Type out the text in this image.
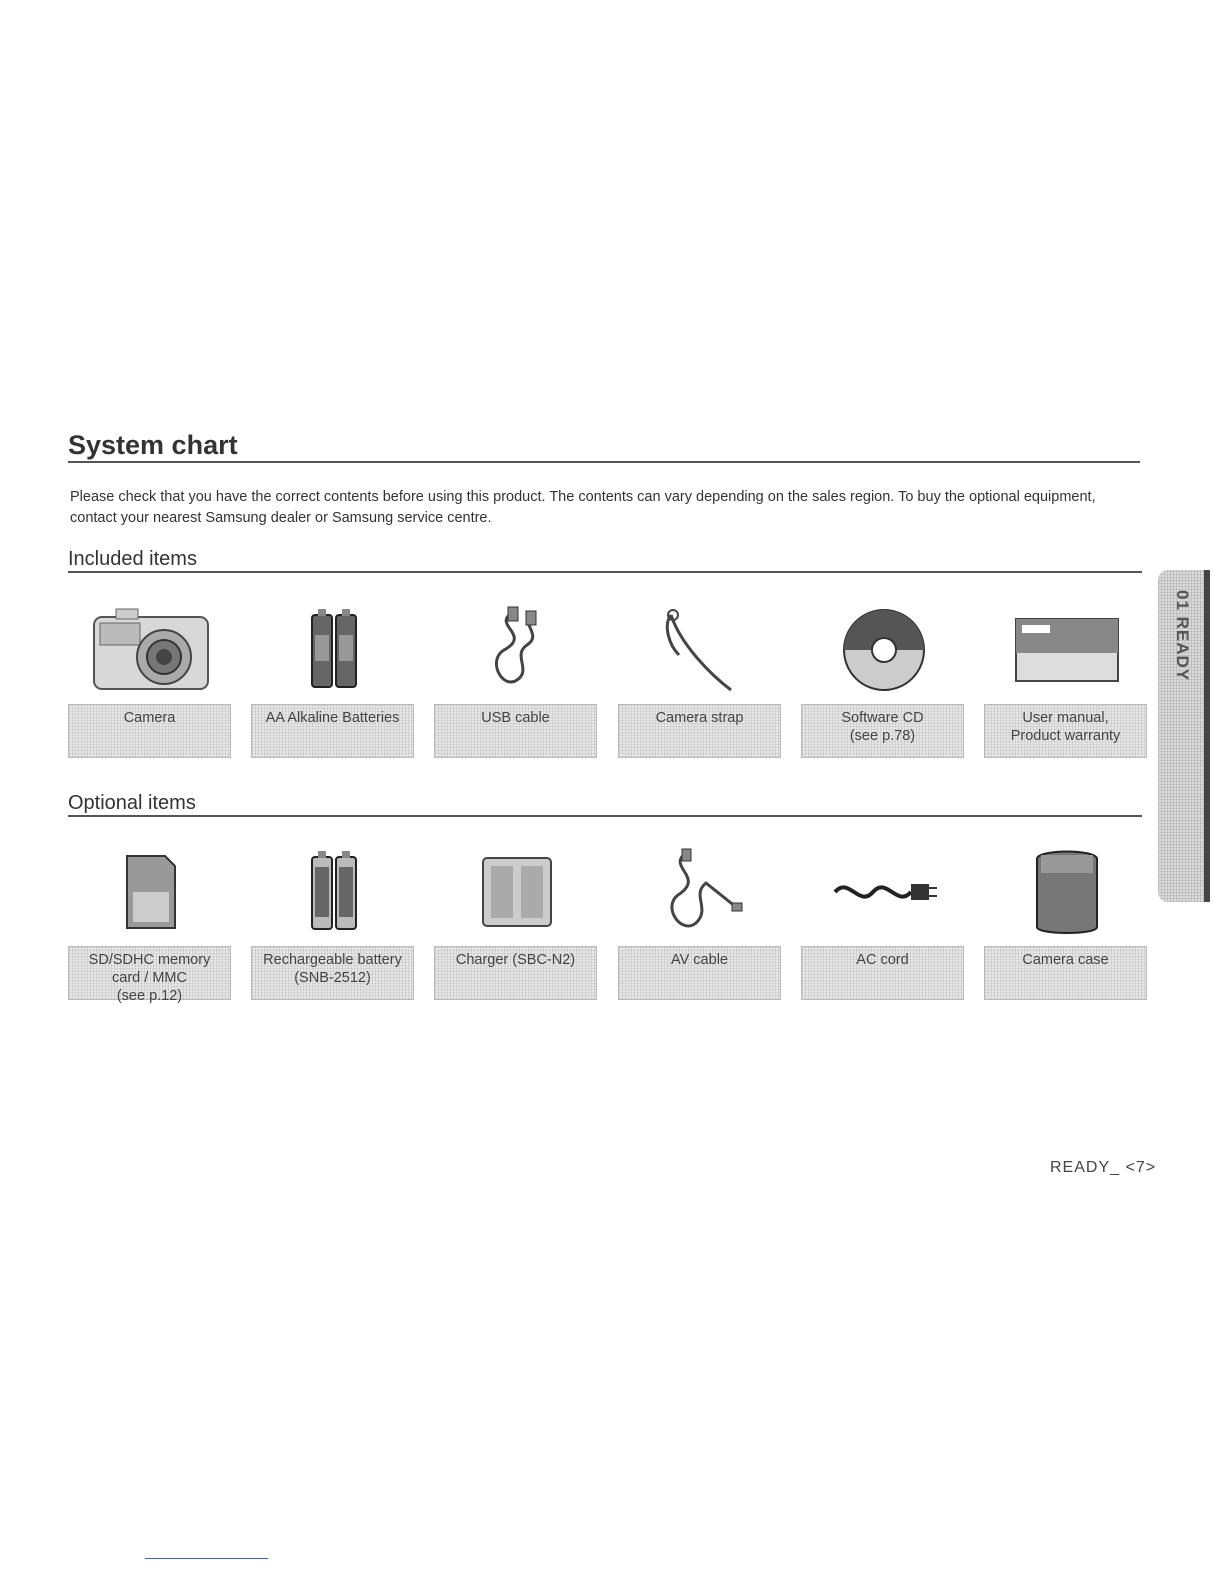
System chart
Please check that you have the correct contents before using this product. The contents can vary depending on the sales region. To buy the optional equipment, contact your nearest Samsung dealer or Samsung service centre.
Included items
Camera	AA Alkaline Batteries	USB cable	Camera strap	Software CD
(see p.78)
User manual,
Product warranty
Optional items
SD/SDHC memory
card / MMC
(see p.12)
Rechargeable battery
(SNB-2512)
Charger (SBC-N2)	AV cable	AC cord	Camera case
01 READY
READY_ <7>
